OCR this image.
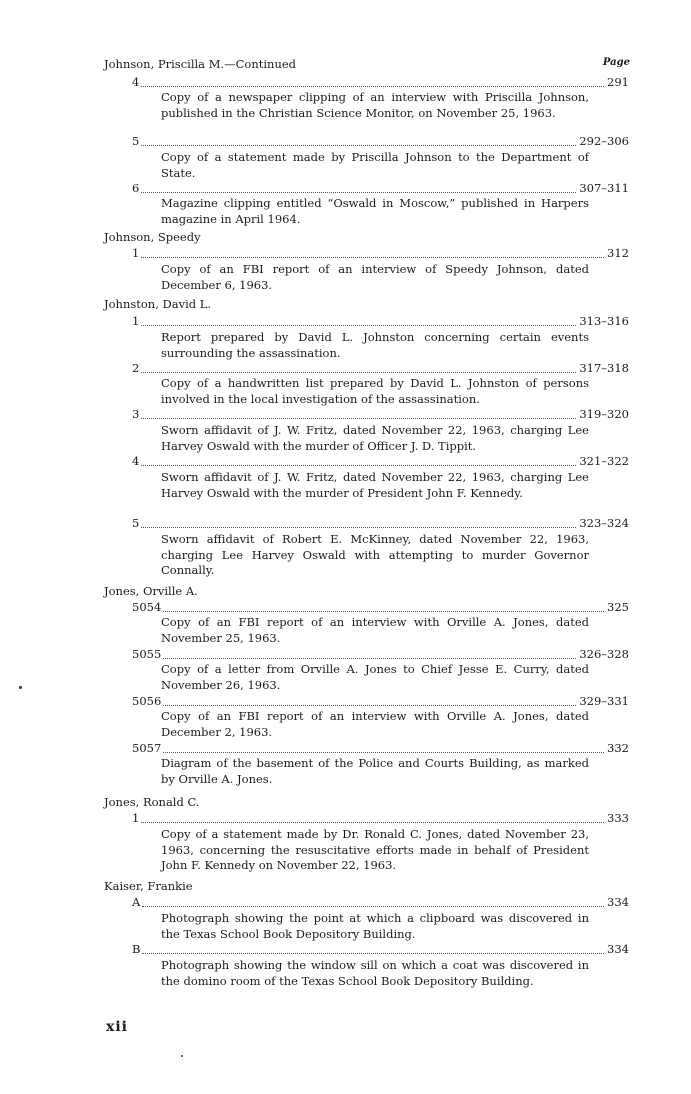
Johnson, Priscilla M.—Continued	Page
4	291
Copy of a newspaper clipping of an interview with Priscilla Johnson, published in the Christian Science Monitor, on November 25, 1963.
5	292–306
Copy of a statement made by Priscilla Johnson to the Department of State.
6	307–311
Magazine clipping entitled “Oswald in Moscow,” published in Harpers magazine in April 1964.
Johnson, Speedy
1	312
Copy of an FBI report of an interview of Speedy Johnson, dated December 6, 1963.
Johnston, David L.
1	313–316
Report prepared by David L. Johnston concerning certain events surrounding the assassination.
2	317–318
Copy of a handwritten list prepared by David L. Johnston of persons involved in the local investigation of the assassination.
3	319–320
Sworn affidavit of J. W. Fritz, dated November 22, 1963, charging Lee Harvey Oswald with the murder of Officer J. D. Tippit.
4	321–322
Sworn affidavit of J. W. Fritz, dated November 22, 1963, charging Lee Harvey Oswald with the murder of President John F. Kennedy.
5	323–324
Sworn affidavit of Robert E. McKinney, dated November 22, 1963, charging Lee Harvey Oswald with attempting to murder Governor Connally.
Jones, Orville A.
5054	325
Copy of an FBI report of an interview with Orville A. Jones, dated November 25, 1963.
5055	326–328
Copy of a letter from Orville A. Jones to Chief Jesse E. Curry, dated November 26, 1963.
5056	329–331
Copy of an FBI report of an interview with Orville A. Jones, dated December 2, 1963.
5057	332
Diagram of the basement of the Police and Courts Building, as marked by Orville A. Jones.
Jones, Ronald C.
1	333
Copy of a statement made by Dr. Ronald C. Jones, dated November 23, 1963, concerning the resuscitative efforts made in behalf of President John F. Kennedy on November 22, 1963.
Kaiser, Frankie
A	334
Photograph showing the point at which a clipboard was discovered in the Texas School Book Depository Building.
B	334
Photograph showing the window sill on which a coat was discovered in the domino room of the Texas School Book Depository Building.
xii
